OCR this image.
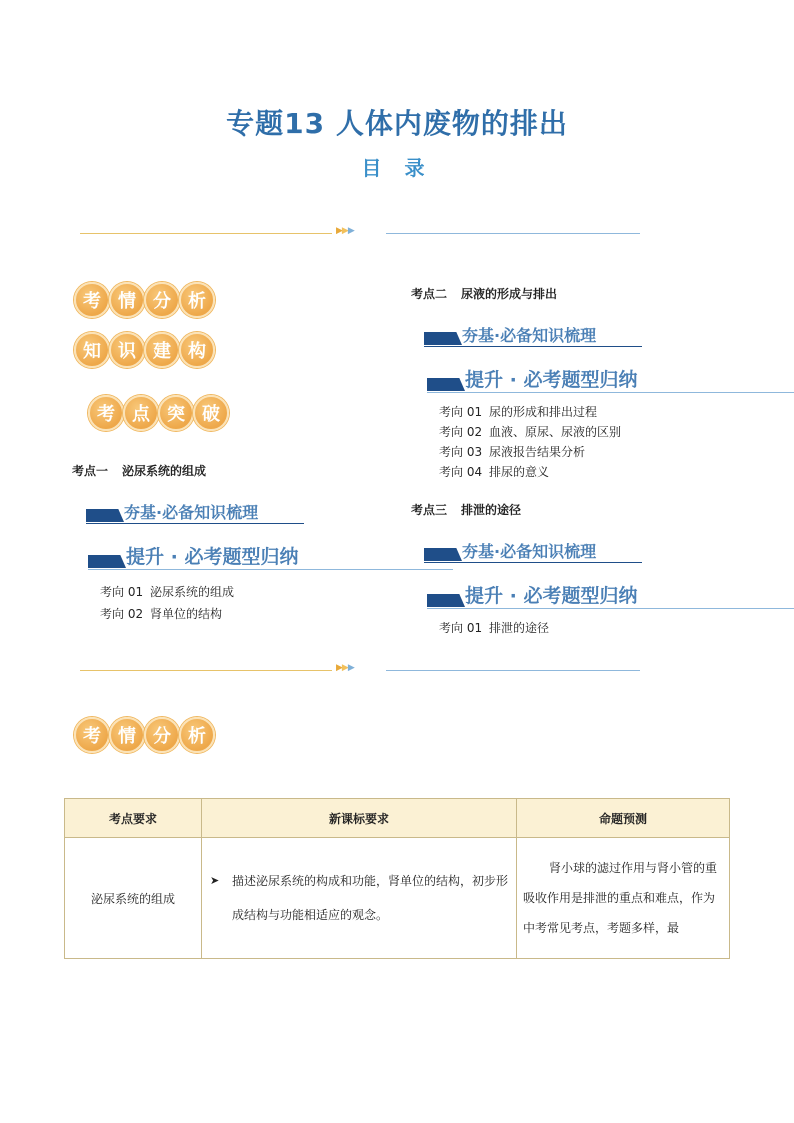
专题13 人体内废物的排出
目 录
▶▶▶
考 情 分 析
知 识 建 构
考 点 突 破
考点一 泌尿系统的组成
夯基·必备知识梳理
提升 · 必考题型归纳
考向 01 泌尿系统的组成
考向 02 肾单位的结构
考点二 尿液的形成与排出
夯基·必备知识梳理
提升 · 必考题型归纳
考向 01 尿的形成和排出过程
考向 02 血液、原尿、尿液的区别
考向 03 尿液报告结果分析
考向 04 排尿的意义
考点三 排泄的途径
夯基·必备知识梳理
提升 · 必考题型归纳
考向 01 排泄的途径
▶▶▶
考 情 分 析
考点要求	新课标要求	命题预测
泌尿系统的组成	➤ 描述泌尿系统的构成和功能，肾单位的结构，初步形成结构与功能相适应的观念。	肾小球的滤过作用与肾小管的重吸收作用是排泄的重点和难点，作为中考常见考点，考题多样，最
